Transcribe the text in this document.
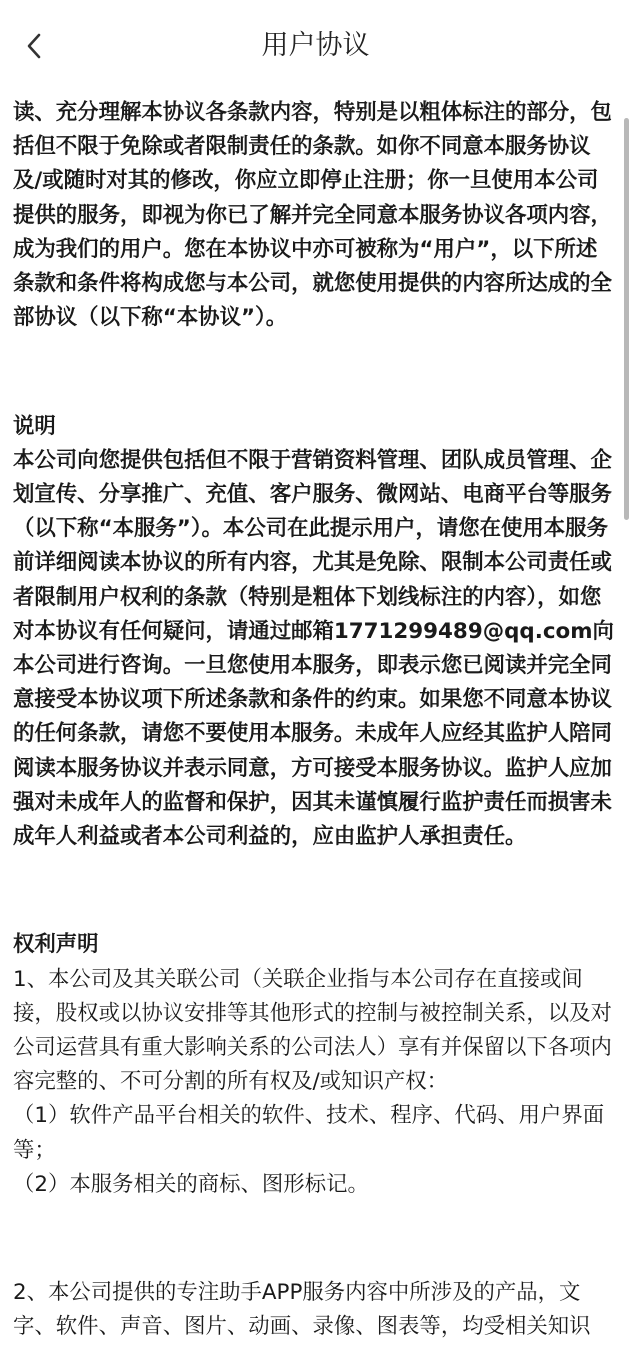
用户协议

读、充分理解本协议各条款内容，特别是以粗体标注的部分，包括但不限于免除或者限制责任的条款。如你不同意本服务协议及/或随时对其的修改，你应立即停止注册；你一旦使用本公司提供的服务，即视为你已了解并完全同意本服务协议各项内容，成为我们的用户。您在本协议中亦可被称为“用户”，以下所述条款和条件将构成您与本公司，就您使用提供的内容所达成的全部协议（以下称“本协议”）。

说明

本公司向您提供包括但不限于营销资料管理、团队成员管理、企划宣传、分享推广、充值、客户服务、微网站、电商平台等服务（以下称“本服务”）。本公司在此提示用户，请您在使用本服务前详细阅读本协议的所有内容，尤其是免除、限制本公司责任或者限制用户权利的条款（特别是粗体下划线标注的内容），如您对本协议有任何疑问，请通过邮箱1771299489@qq.com向本公司进行咨询。一旦您使用本服务，即表示您已阅读并完全同意接受本协议项下所述条款和条件的约束。如果您不同意本协议的任何条款，请您不要使用本服务。未成年人应经其监护人陪同阅读本服务协议并表示同意，方可接受本服务协议。监护人应加强对未成年人的监督和保护，因其未谨慎履行监护责任而损害未成年人利益或者本公司利益的，应由监护人承担责任。

权利声明

1、本公司及其关联公司（关联企业指与本公司存在直接或间接，股权或以协议安排等其他形式的控制与被控制关系，以及对公司运营具有重大影响关系的公司法人）享有并保留以下各项内容完整的、不可分割的所有权及/或知识产权：

（1）软件产品平台相关的软件、技术、程序、代码、用户界面等；

（2）本服务相关的商标、图形标记。

2、本公司提供的专注助手APP服务内容中所涉及的产品，文字、软件、声音、图片、动画、录像、图表等，均受相关知识
